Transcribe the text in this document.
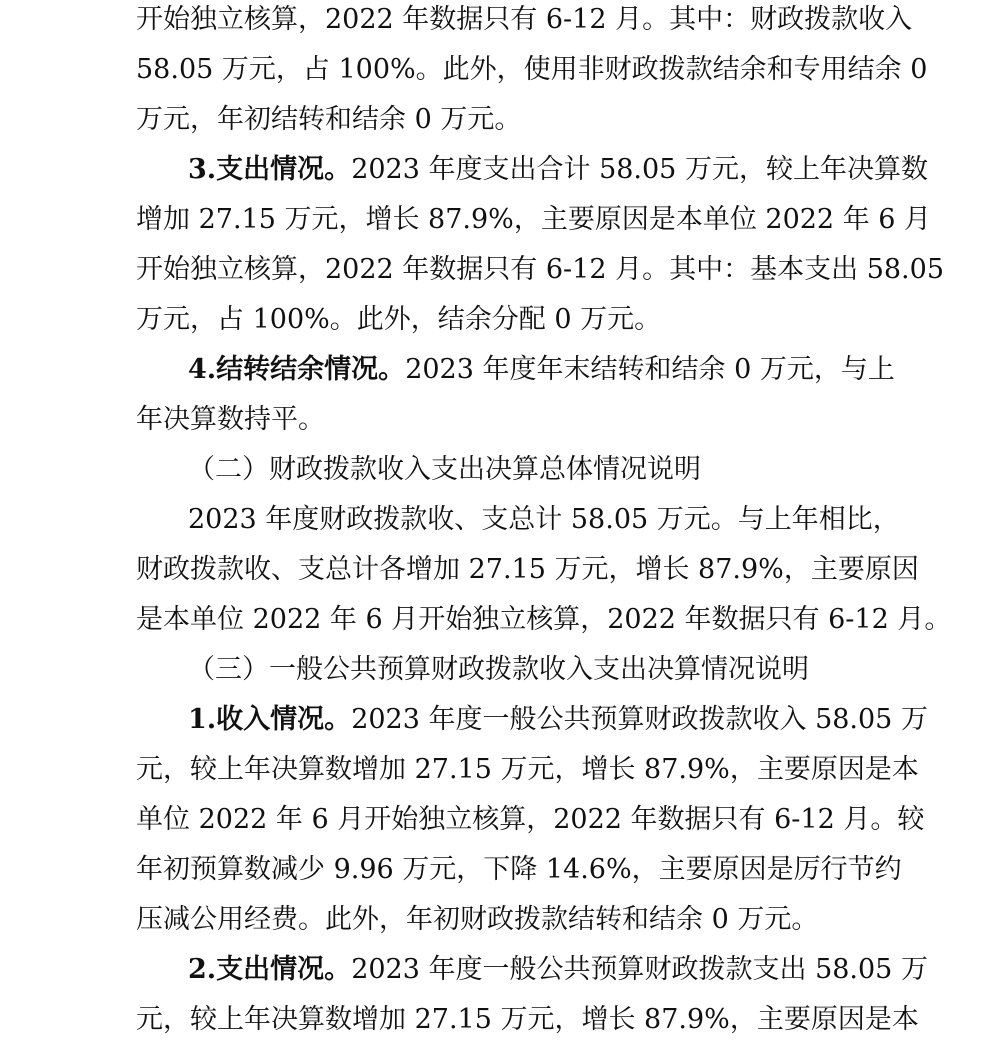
开始独立核算，2022 年数据只有 6-12 月。其中：财政拨款收入
58.05 万元，占 100%。此外，使用非财政拨款结余和专用结余 0
万元，年初结转和结余 0 万元。
3.支出情况。2023 年度支出合计 58.05 万元，较上年决算数
增加 27.15 万元，增长 87.9%，主要原因是本单位 2022 年 6 月
开始独立核算，2022 年数据只有 6-12 月。其中：基本支出 58.05
万元，占 100%。此外，结余分配 0 万元。
4.结转结余情况。2023 年度年末结转和结余 0 万元，与上
年决算数持平。
（二）财政拨款收入支出决算总体情况说明
2023 年度财政拨款收、支总计 58.05 万元。与上年相比，
财政拨款收、支总计各增加 27.15 万元，增长 87.9%，主要原因
是本单位 2022 年 6 月开始独立核算，2022 年数据只有 6-12 月。
（三）一般公共预算财政拨款收入支出决算情况说明
1.收入情况。2023 年度一般公共预算财政拨款收入 58.05 万
元，较上年决算数增加 27.15 万元，增长 87.9%，主要原因是本
单位 2022 年 6 月开始独立核算，2022 年数据只有 6-12 月。较
年初预算数减少 9.96 万元，下降 14.6%，主要原因是厉行节约
压减公用经费。此外，年初财政拨款结转和结余 0 万元。
2.支出情况。2023 年度一般公共预算财政拨款支出 58.05 万
元，较上年决算数增加 27.15 万元，增长 87.9%，主要原因是本
